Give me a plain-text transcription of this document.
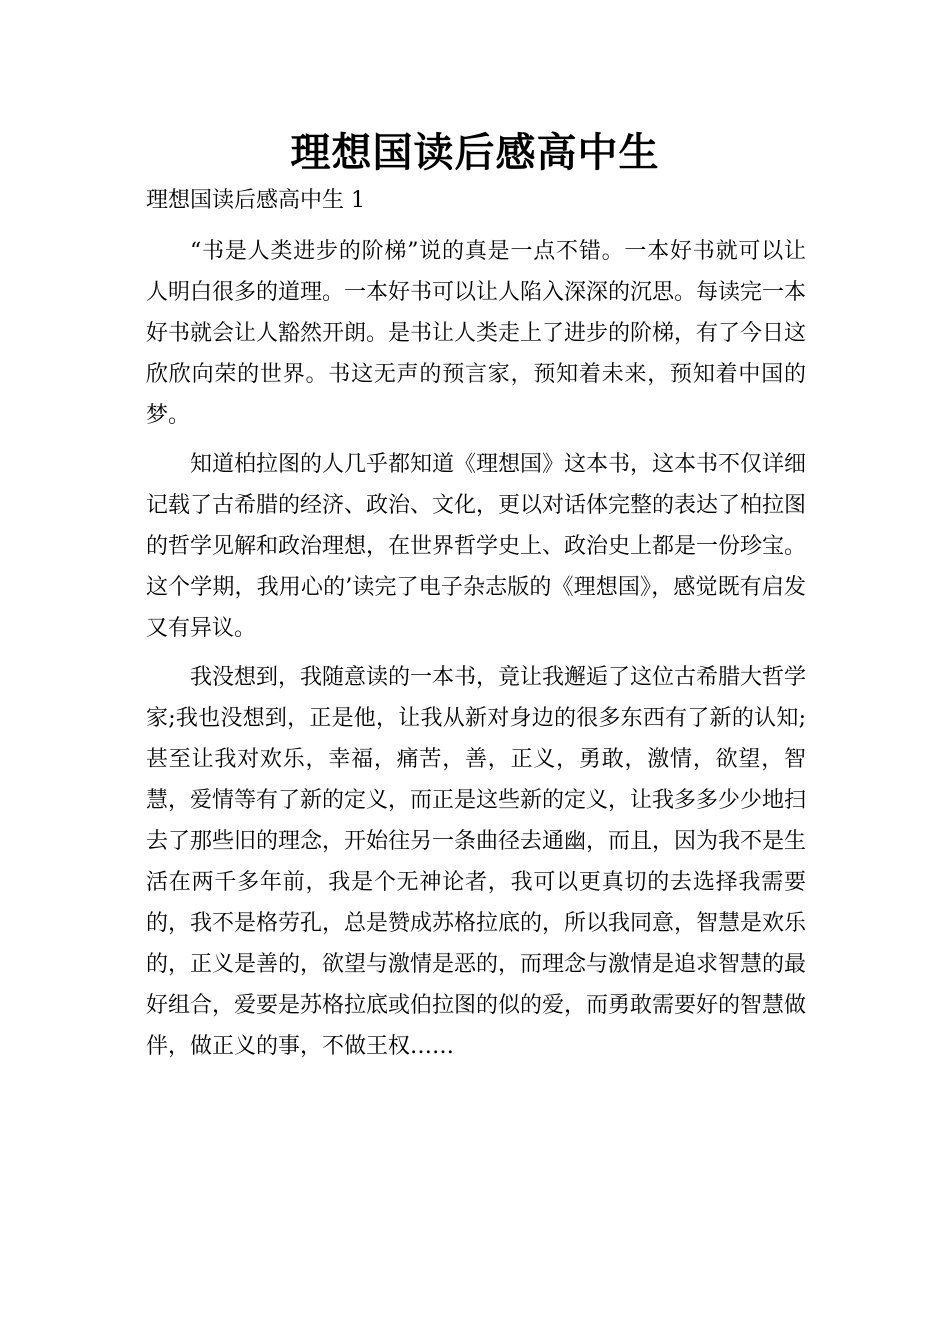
理想国读后感高中生
理想国读后感高中生 1

“书是人类进步的阶梯”说的真是一点不错。一本好书就可以让人明白很多的道理。一本好书可以让人陷入深深的沉思。每读完一本好书就会让人豁然开朗。是书让人类走上了进步的阶梯，有了今日这欣欣向荣的世界。书这无声的预言家，预知着未来，预知着中国的梦。

知道柏拉图的人几乎都知道《理想国》这本书，这本书不仅详细记载了古希腊的经济、政治、文化，更以对话体完整的表达了柏拉图的哲学见解和政治理想，在世界哲学史上、政治史上都是一份珍宝。这个学期，我用心的’读完了电子杂志版的《理想国》，感觉既有启发又有异议。

我没想到，我随意读的一本书，竟让我邂逅了这位古希腊大哲学家;我也没想到，正是他，让我从新对身边的很多东西有了新的认知;甚至让我对欢乐，幸福，痛苦，善，正义，勇敢，激情，欲望，智慧，爱情等有了新的定义，而正是这些新的定义，让我多多少少地扫去了那些旧的理念，开始往另一条曲径去通幽，而且，因为我不是生活在两千多年前，我是个无神论者，我可以更真切的去选择我需要的，我不是格劳孔，总是赞成苏格拉底的，所以我同意，智慧是欢乐的，正义是善的，欲望与激情是恶的，而理念与激情是追求智慧的最好组合，爱要是苏格拉底或伯拉图的似的爱，而勇敢需要好的智慧做伴，做正义的事，不做王权……
